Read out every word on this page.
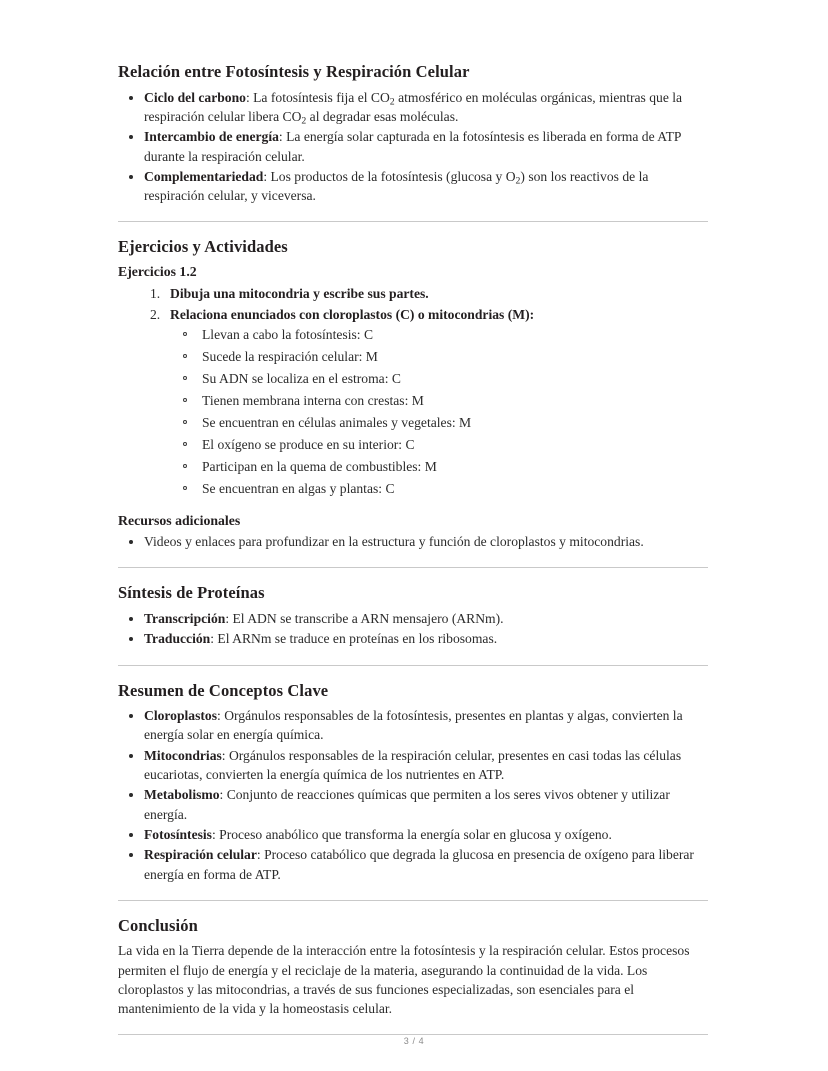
Relación entre Fotosíntesis y Respiración Celular
Ciclo del carbono: La fotosíntesis fija el $CO_2$ atmosférico en moléculas orgánicas, mientras que la respiración celular libera $CO_2$ al degradar esas moléculas.
Intercambio de energía: La energía solar capturada en la fotosíntesis es liberada en forma de ATP durante la respiración celular.
Complementariedad: Los productos de la fotosíntesis (glucosa y $O_2$) son los reactivos de la respiración celular, y viceversa.
Ejercicios y Actividades
Ejercicios 1.2
Dibuja una mitocondria y escribe sus partes.
Relaciona enunciados con cloroplastos (C) o mitocondrias (M):
Llevan a cabo la fotosíntesis: C
Sucede la respiración celular: M
Su ADN se localiza en el estroma: C
Tienen membrana interna con crestas: M
Se encuentran en células animales y vegetales: M
El oxígeno se produce en su interior: C
Participan en la quema de combustibles: M
Se encuentran en algas y plantas: C
Recursos adicionales
Videos y enlaces para profundizar en la estructura y función de cloroplastos y mitocondrias.
Síntesis de Proteínas
Transcripción: El ADN se transcribe a ARN mensajero (ARNm).
Traducción: El ARNm se traduce en proteínas en los ribosomas.
Resumen de Conceptos Clave
Cloroplastos: Orgánulos responsables de la fotosíntesis, presentes en plantas y algas, convierten la energía solar en energía química.
Mitocondrias: Orgánulos responsables de la respiración celular, presentes en casi todas las células eucariotas, convierten la energía química de los nutrientes en ATP.
Metabolismo: Conjunto de reacciones químicas que permiten a los seres vivos obtener y utilizar energía.
Fotosíntesis: Proceso anabólico que transforma la energía solar en glucosa y oxígeno.
Respiración celular: Proceso catabólico que degrada la glucosa en presencia de oxígeno para liberar energía en forma de ATP.
Conclusión

La vida en la Tierra depende de la interacción entre la fotosíntesis y la respiración celular. Estos procesos permiten el flujo de energía y el reciclaje de la materia, asegurando la continuidad de la vida. Los cloroplastos y las mitocondrias, a través de sus funciones especializadas, son esenciales para el mantenimiento de la vida y la homeostasis celular.

3 / 4
